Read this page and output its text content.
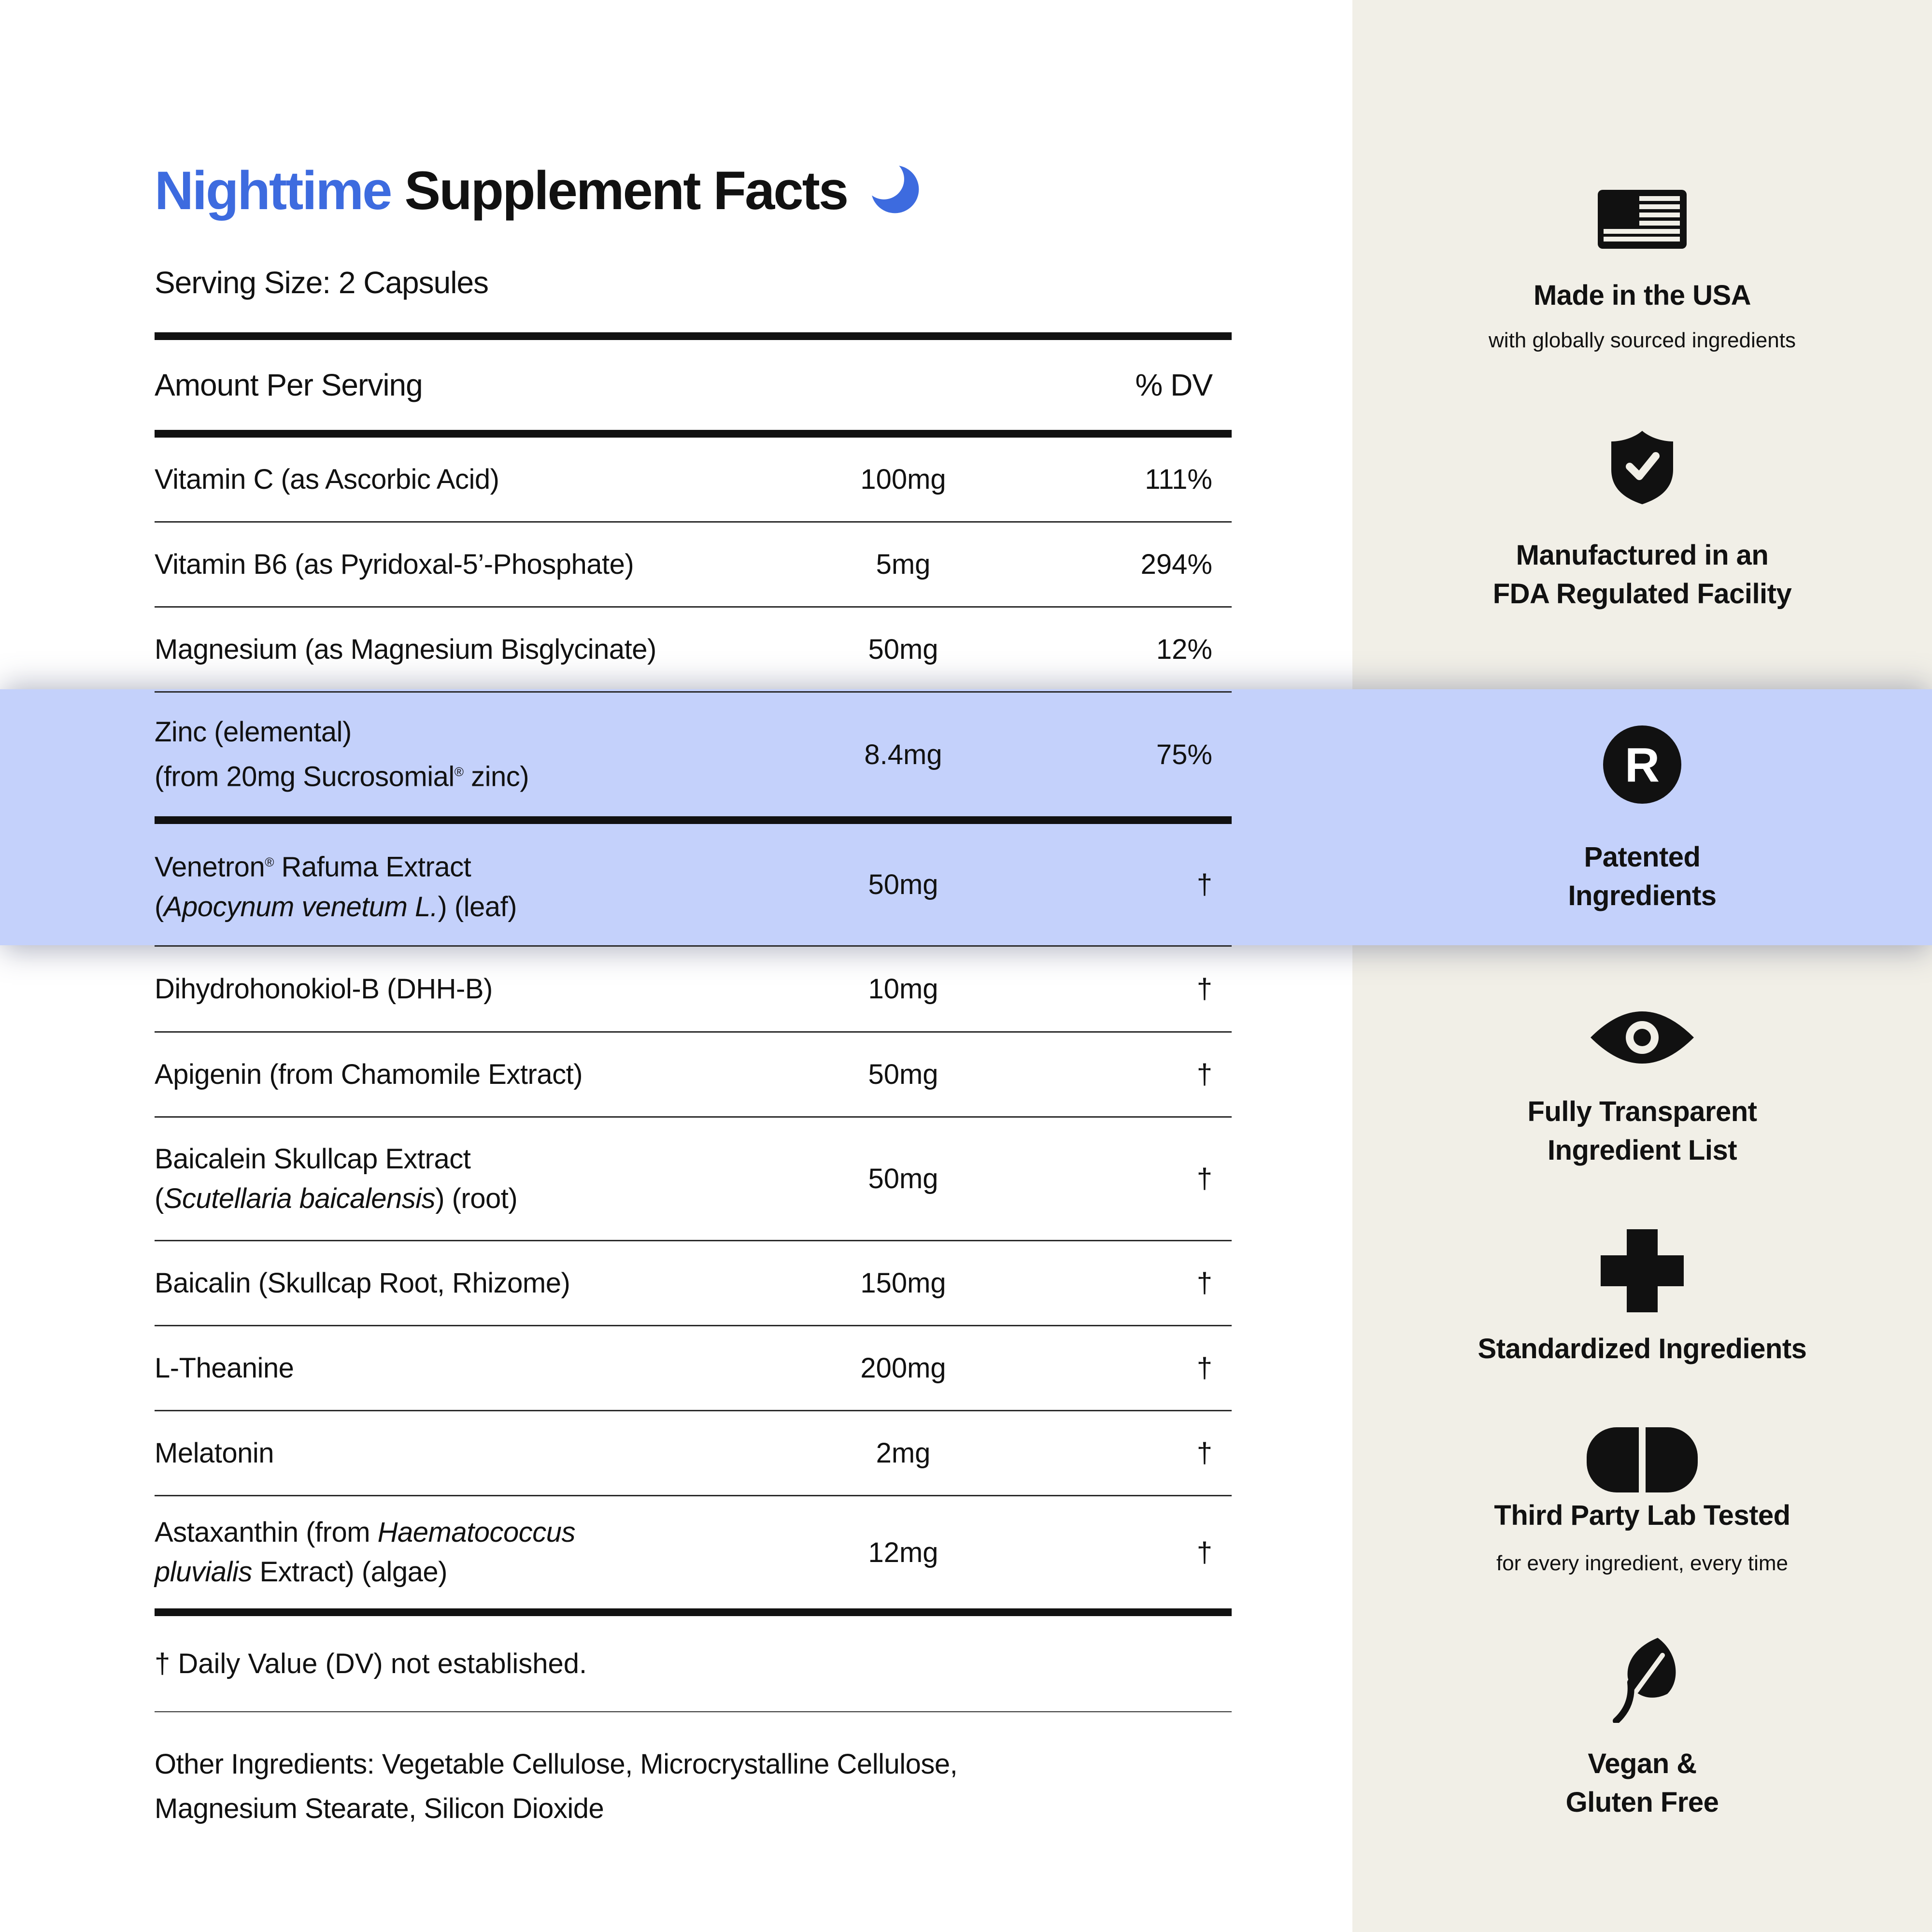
Nighttime Supplement Facts
Serving Size: 2 Capsules
Amount Per Serving	% DV
Vitamin C (as Ascorbic Acid)	100mg	111%
Vitamin B6 (as Pyridoxal-5’-Phosphate)	5mg	294%
Magnesium (as Magnesium Bisglycinate)	50mg	12%
Zinc (elemental)
(from 20mg Sucrosomial® zinc)
8.4mg	75%
Venetron® Rafuma Extract
(Apocynum venetum L.) (leaf)
50mg	†
Dihydrohonokiol-B (DHH-B)	10mg	†
Apigenin (from Chamomile Extract)	50mg	†
Baicalein Skullcap Extract
(Scutellaria baicalensis) (root)
50mg	†
Baicalin (Skullcap Root, Rhizome)	150mg	†
L-Theanine	200mg	†
Melatonin	2mg	†
Astaxanthin (from Haematococcus
pluvialis Extract) (algae)
12mg	†
† Daily Value (DV) not established.
Other Ingredients: Vegetable Cellulose, Microcrystalline Cellulose, Magnesium Stearate, Silicon Dioxide
Made in the USA
with globally sourced ingredients
Manufactured in an
FDA Regulated Facility
R
Patented
Ingredients
Fully Transparent
Ingredient List
Standardized Ingredients
Third Party Lab Tested
for every ingredient, every time
Vegan &
Gluten Free
